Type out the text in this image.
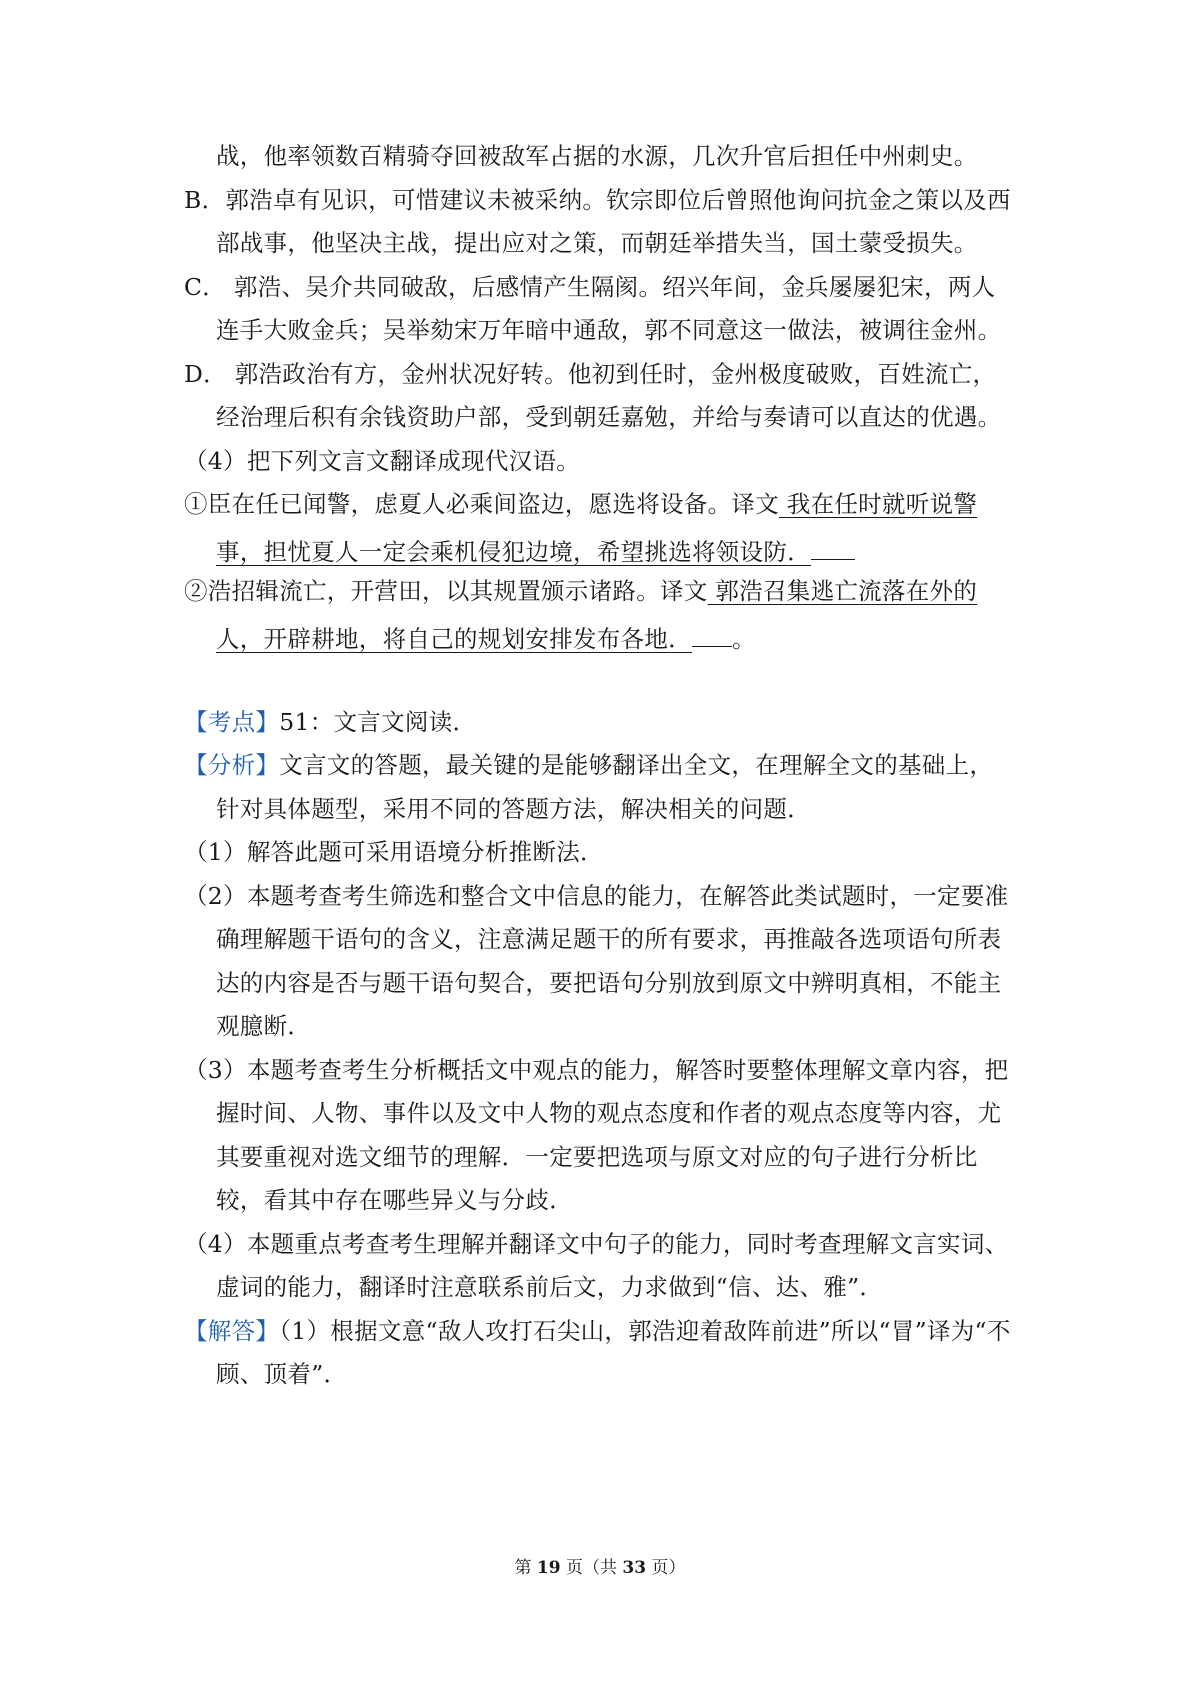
战，他率领数百精骑夺回被敌军占据的水源，几次升官后担任中州刺史。
B．郭浩卓有见识，可惜建议未被采纳。钦宗即位后曾照他询问抗金之策以及西
部战事，他坚决主战，提出应对之策，而朝廷举措失当，国土蒙受损失。
C． 郭浩、吴介共同破敌，后感情产生隔阂。绍兴年间，金兵屡屡犯宋，两人
连手大败金兵；吴举劾宋万年暗中通敌，郭不同意这一做法，被调往金州。
D． 郭浩政治有方，金州状况好转。他初到任时，金州极度破败，百姓流亡，
经治理后积有余钱资助户部，受到朝廷嘉勉，并给与奏请可以直达的优遇。
（4）把下列文言文翻译成现代汉语。
①臣在任已闻警，虑夏人必乘间盗边，愿选将设备。译文 我在任时就听说警
事，担忧夏人一定会乘机侵犯边境，希望挑选将领设防．
②浩招辑流亡，开营田，以其规置颁示诸路。译文 郭浩召集逃亡流落在外的
人，开辟耕地，将自己的规划安排发布各地． 。
【考点】51：文言文阅读．
【分析】文言文的答题，最关键的是能够翻译出全文，在理解全文的基础上，
针对具体题型，采用不同的答题方法，解决相关的问题．
（1）解答此题可采用语境分析推断法．
（2）本题考查考生筛选和整合文中信息的能力，在解答此类试题时，一定要准
确理解题干语句的含义，注意满足题干的所有要求，再推敲各选项语句所表
达的内容是否与题干语句契合，要把语句分别放到原文中辨明真相，不能主
观臆断．
（3）本题考查考生分析概括文中观点的能力，解答时要整体理解文章内容，把
握时间、人物、事件以及文中人物的观点态度和作者的观点态度等内容，尤
其要重视对选文细节的理解．一定要把选项与原文对应的句子进行分析比
较，看其中存在哪些异义与分歧．
（4）本题重点考查考生理解并翻译文中句子的能力，同时考查理解文言实词、
虚词的能力，翻译时注意联系前后文，力求做到“信、达、雅”．
【解答】（1）根据文意“敌人攻打石尖山，郭浩迎着敌阵前进”所以“冒”译为“不
顾、顶着”．
第 19 页（共 33 页）
